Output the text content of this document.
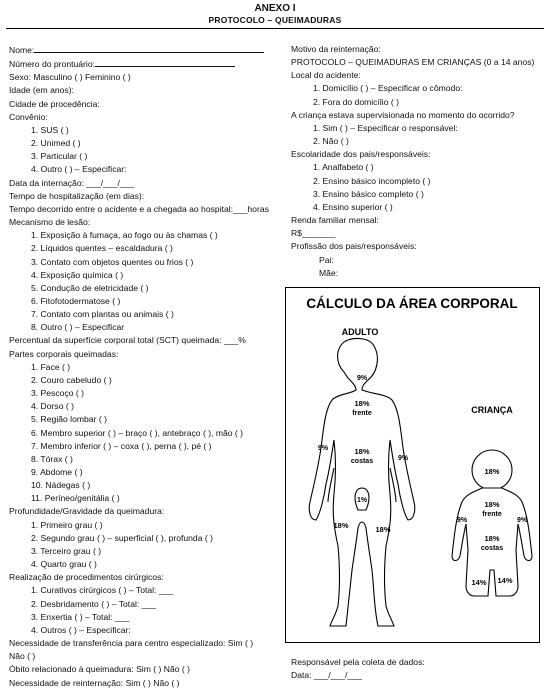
ANEXO I
PROTOCOLO – QUEIMADURAS
Nome:
Número do prontuário:
Sexo: Masculino ( ) Feminino ( )
Idade (em anos):
Cidade de procedência:
Convênio:
1. SUS ( )
2. Unimed ( )
3. Particular ( )
4. Outro ( ) – Especificar:
Data da internação: ___/___/___
Tempo de hospitalização (em dias):
Tempo decorrido entre o acidente e a chegada ao hospital:___horas
Mecanismo de lesão:
1. Exposição à fumaça, ao fogo ou às chamas ( )
2. Líquidos quentes – escaldadura ( )
3. Contato com objetos quentes ou frios ( )
4. Exposição química ( )
5. Condução de eletricidade ( )
6. Fitofotodermatose ( )
7. Contato com plantas ou animais ( )
8. Outro ( ) – Especificar
Percentual da superfície corporal total (SCT) queimada: ___%
Partes corporais queimadas:
1. Face ( )
2. Couro cabeludo ( )
3. Pescoço ( )
4. Dorso ( )
5. Região lombar ( )
6. Membro superior ( ) – braço ( ), antebraço ( ), mão ( )
7. Membro inferior ( ) – coxa ( ), perna ( ), pé ( )
8. Tórax ( )
9. Abdome ( )
10. Nádegas ( )
11. Períneo/genitália ( )
Profundidade/Gravidade da queimadura:
1. Primeiro grau ( )
2. Segundo grau ( ) – superficial ( ), profunda ( )
3. Terceiro grau ( )
4. Quarto grau ( )
Realização de procedimentos cirúrgicos:
1. Curativos cirúrgicos ( ) – Total: ___
2. Desbridamento ( ) – Total: ___
3. Enxertia ( ) – Total: ___
4. Outros ( ) – Especificar:
Necessidade de transferência para centro especializado: Sim ( )
Não ( )
Óbito relacionado à queimadura: Sim ( ) Não ( )
Necessidade de reinternação: Sim ( ) Não ( )
Motivo da reinternação:
PROTOCOLO – QUEIMADURAS EM CRIANÇAS (0 a 14 anos)
Local do acidente:
1. Domicílio ( ) – Especificar o cômodo:
2. Fora do domicílio ( )
A criança estava supervisionada no momento do ocorrido?
1. Sim ( ) – Especificar o responsável:
2. Não ( )
Escolaridade dos pais/responsáveis:
1. Analfabeto ( )
2. Ensino básico incompleto ( )
3. Ensino básico completo ( )
4. Ensino superior ( )
Renda familiar mensal:
R$_______
Profissão dos pais/responsáveis:
Pai:
Mãe:
CÁLCULO DA ÁREA CORPORAL
ADULTO
CRIANÇA
9%
18%
frente
18%
costas
9%
9%
1%
18%	18%
18%
18%
frente
18%
costas
9%	9%
14% 14%
Responsável pela coleta de dados:
Data: ___/___/___
